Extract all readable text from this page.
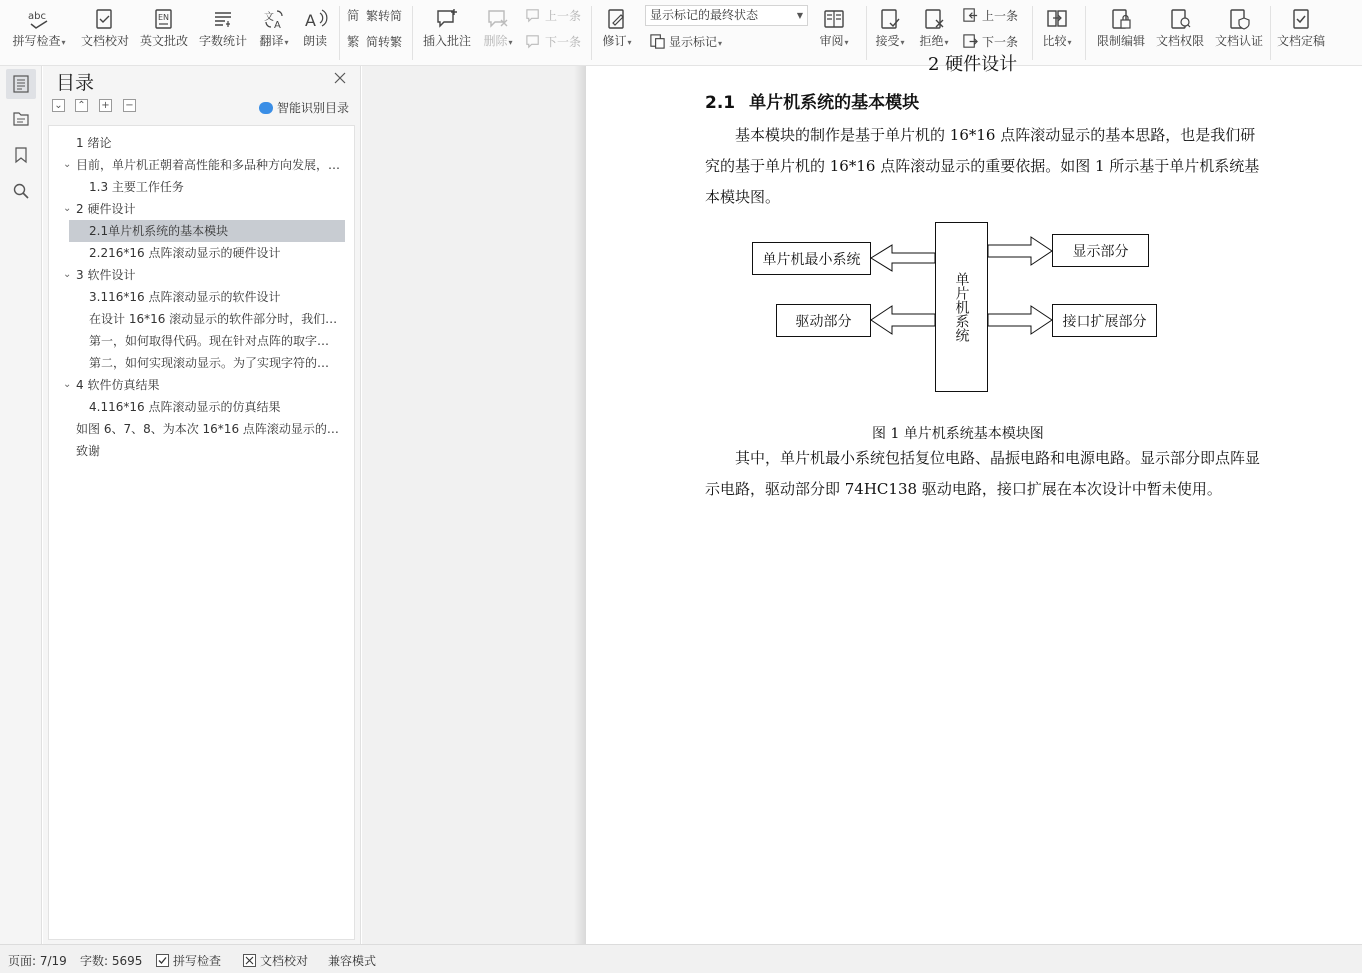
abc
拼写检查 ▾	文档校对
EN
英文批改 字数统计
文
A
翻译 ▾
A
朗读
简 繁转简
繁 简转繁 插入批注 删除 ▾
上一条
下一条 修订 ▾
显示标记的最终状态	▼
显示标记 ▾	审阅 ▾	接受 ▾	拒绝 ▾
上一条
下一条 比较 ▾	限制编辑 文档权限 文档认证 文档定稿
目录
⌄ ⌃ + −	智能识别目录
1 绪论
⌄ 目前，单片机正朝着高性能和多品种方向发展，…
1.3 主要工作任务
⌄ 2 硬件设计
2.1单片机系统的基本模块
2.216*16 点阵滚动显示的硬件设计
⌄ 3 软件设计
3.116*16 点阵滚动显示的软件设计
在设计 16*16 滚动显示的软件部分时，我们…
第一，如何取得代码。现在针对点阵的取字…
第二，如何实现滚动显示。为了实现字符的…
⌄ 4 软件仿真结果
4.116*16 点阵滚动显示的仿真结果
如图 6、7、8、为本次 16*16 点阵滚动显示的…
致谢
2 硬件设计
2.1 单片机系统的基本模块
基本模块的制作是基于单片机的 16*16 点阵滚动显示的基本思路，也是我们研究的基于单片机的 16*16 点阵滚动显示的重要依据。如图 1 所示基于单片机系统基本模块图。
单片机最小系统
驱动部分	单片机系统
显示部分
接口扩展部分
图 1 单片机系统基本模块图
其中，单片机最小系统包括复位电路、晶振电路和电源电路。显示部分即点阵显示电路，驱动部分即 74HC138 驱动电路，接口扩展在本次设计中暂未使用。
页面: 7/19 字数: 5695	拼写检查	文档校对 兼容模式
